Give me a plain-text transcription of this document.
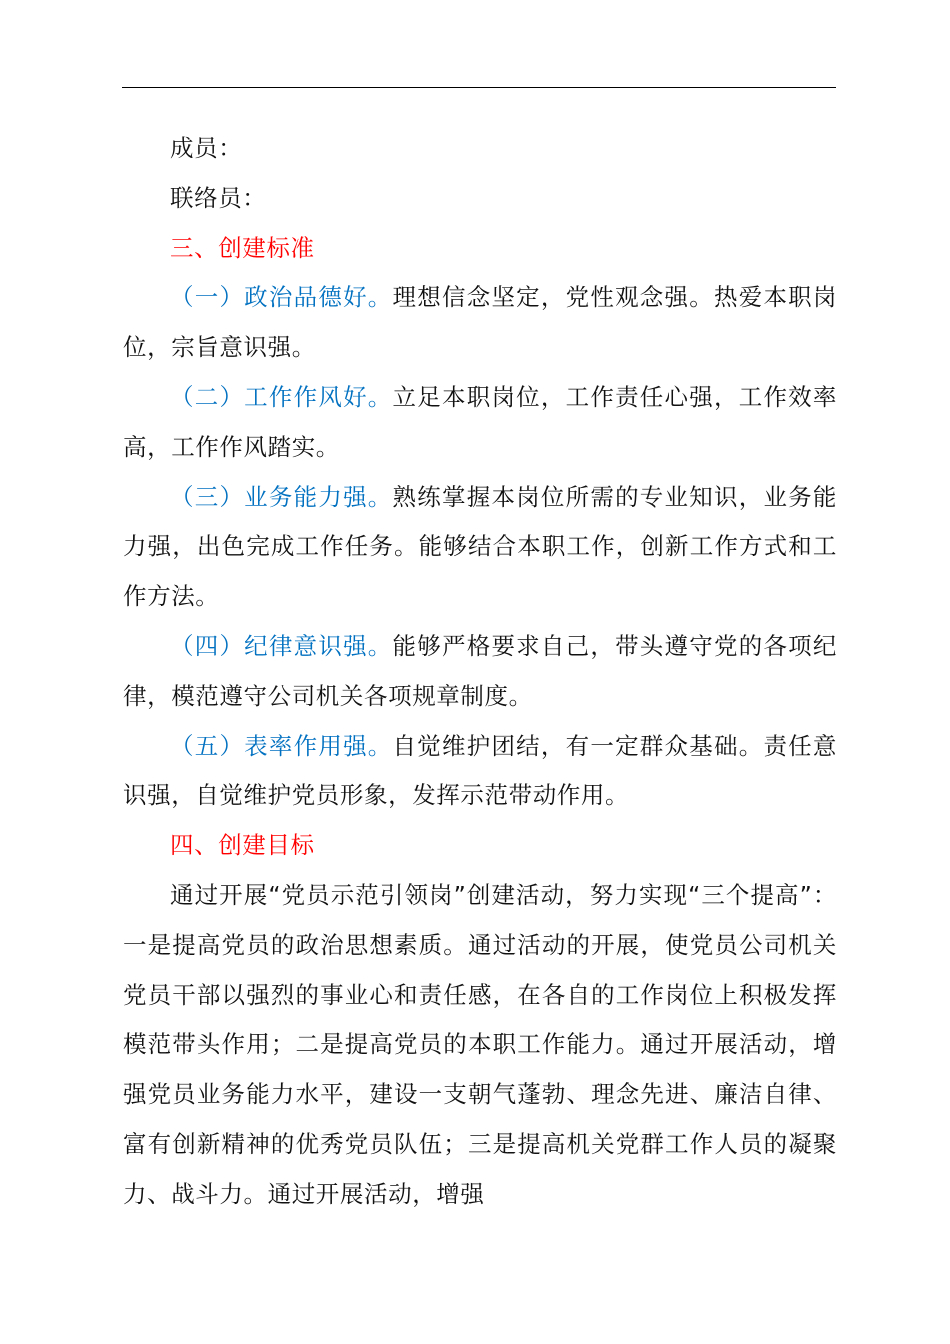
成员：

联络员：

三、创建标准

（一）政治品德好。理想信念坚定，党性观念强。热爱本职岗位，宗旨意识强。

（二）工作作风好。立足本职岗位，工作责任心强，工作效率高，工作作风踏实。

（三）业务能力强。熟练掌握本岗位所需的专业知识，业务能力强，出色完成工作任务。能够结合本职工作，创新工作方式和工作方法。

（四）纪律意识强。能够严格要求自己，带头遵守党的各项纪律，模范遵守公司机关各项规章制度。

（五）表率作用强。自觉维护团结，有一定群众基础。责任意识强，自觉维护党员形象，发挥示范带动作用。

四、创建目标

通过开展“党员示范引领岗”创建活动，努力实现“三个提高”：一是提高党员的政治思想素质。通过活动的开展，使党员公司机关党员干部以强烈的事业心和责任感，在各自的工作岗位上积极发挥模范带头作用；二是提高党员的本职工作能力。通过开展活动，增强党员业务能力水平，建设一支朝气蓬勃、理念先进、廉洁自律、富有创新精神的优秀党员队伍；三是提高机关党群工作人员的凝聚力、战斗力。通过开展活动，增强
